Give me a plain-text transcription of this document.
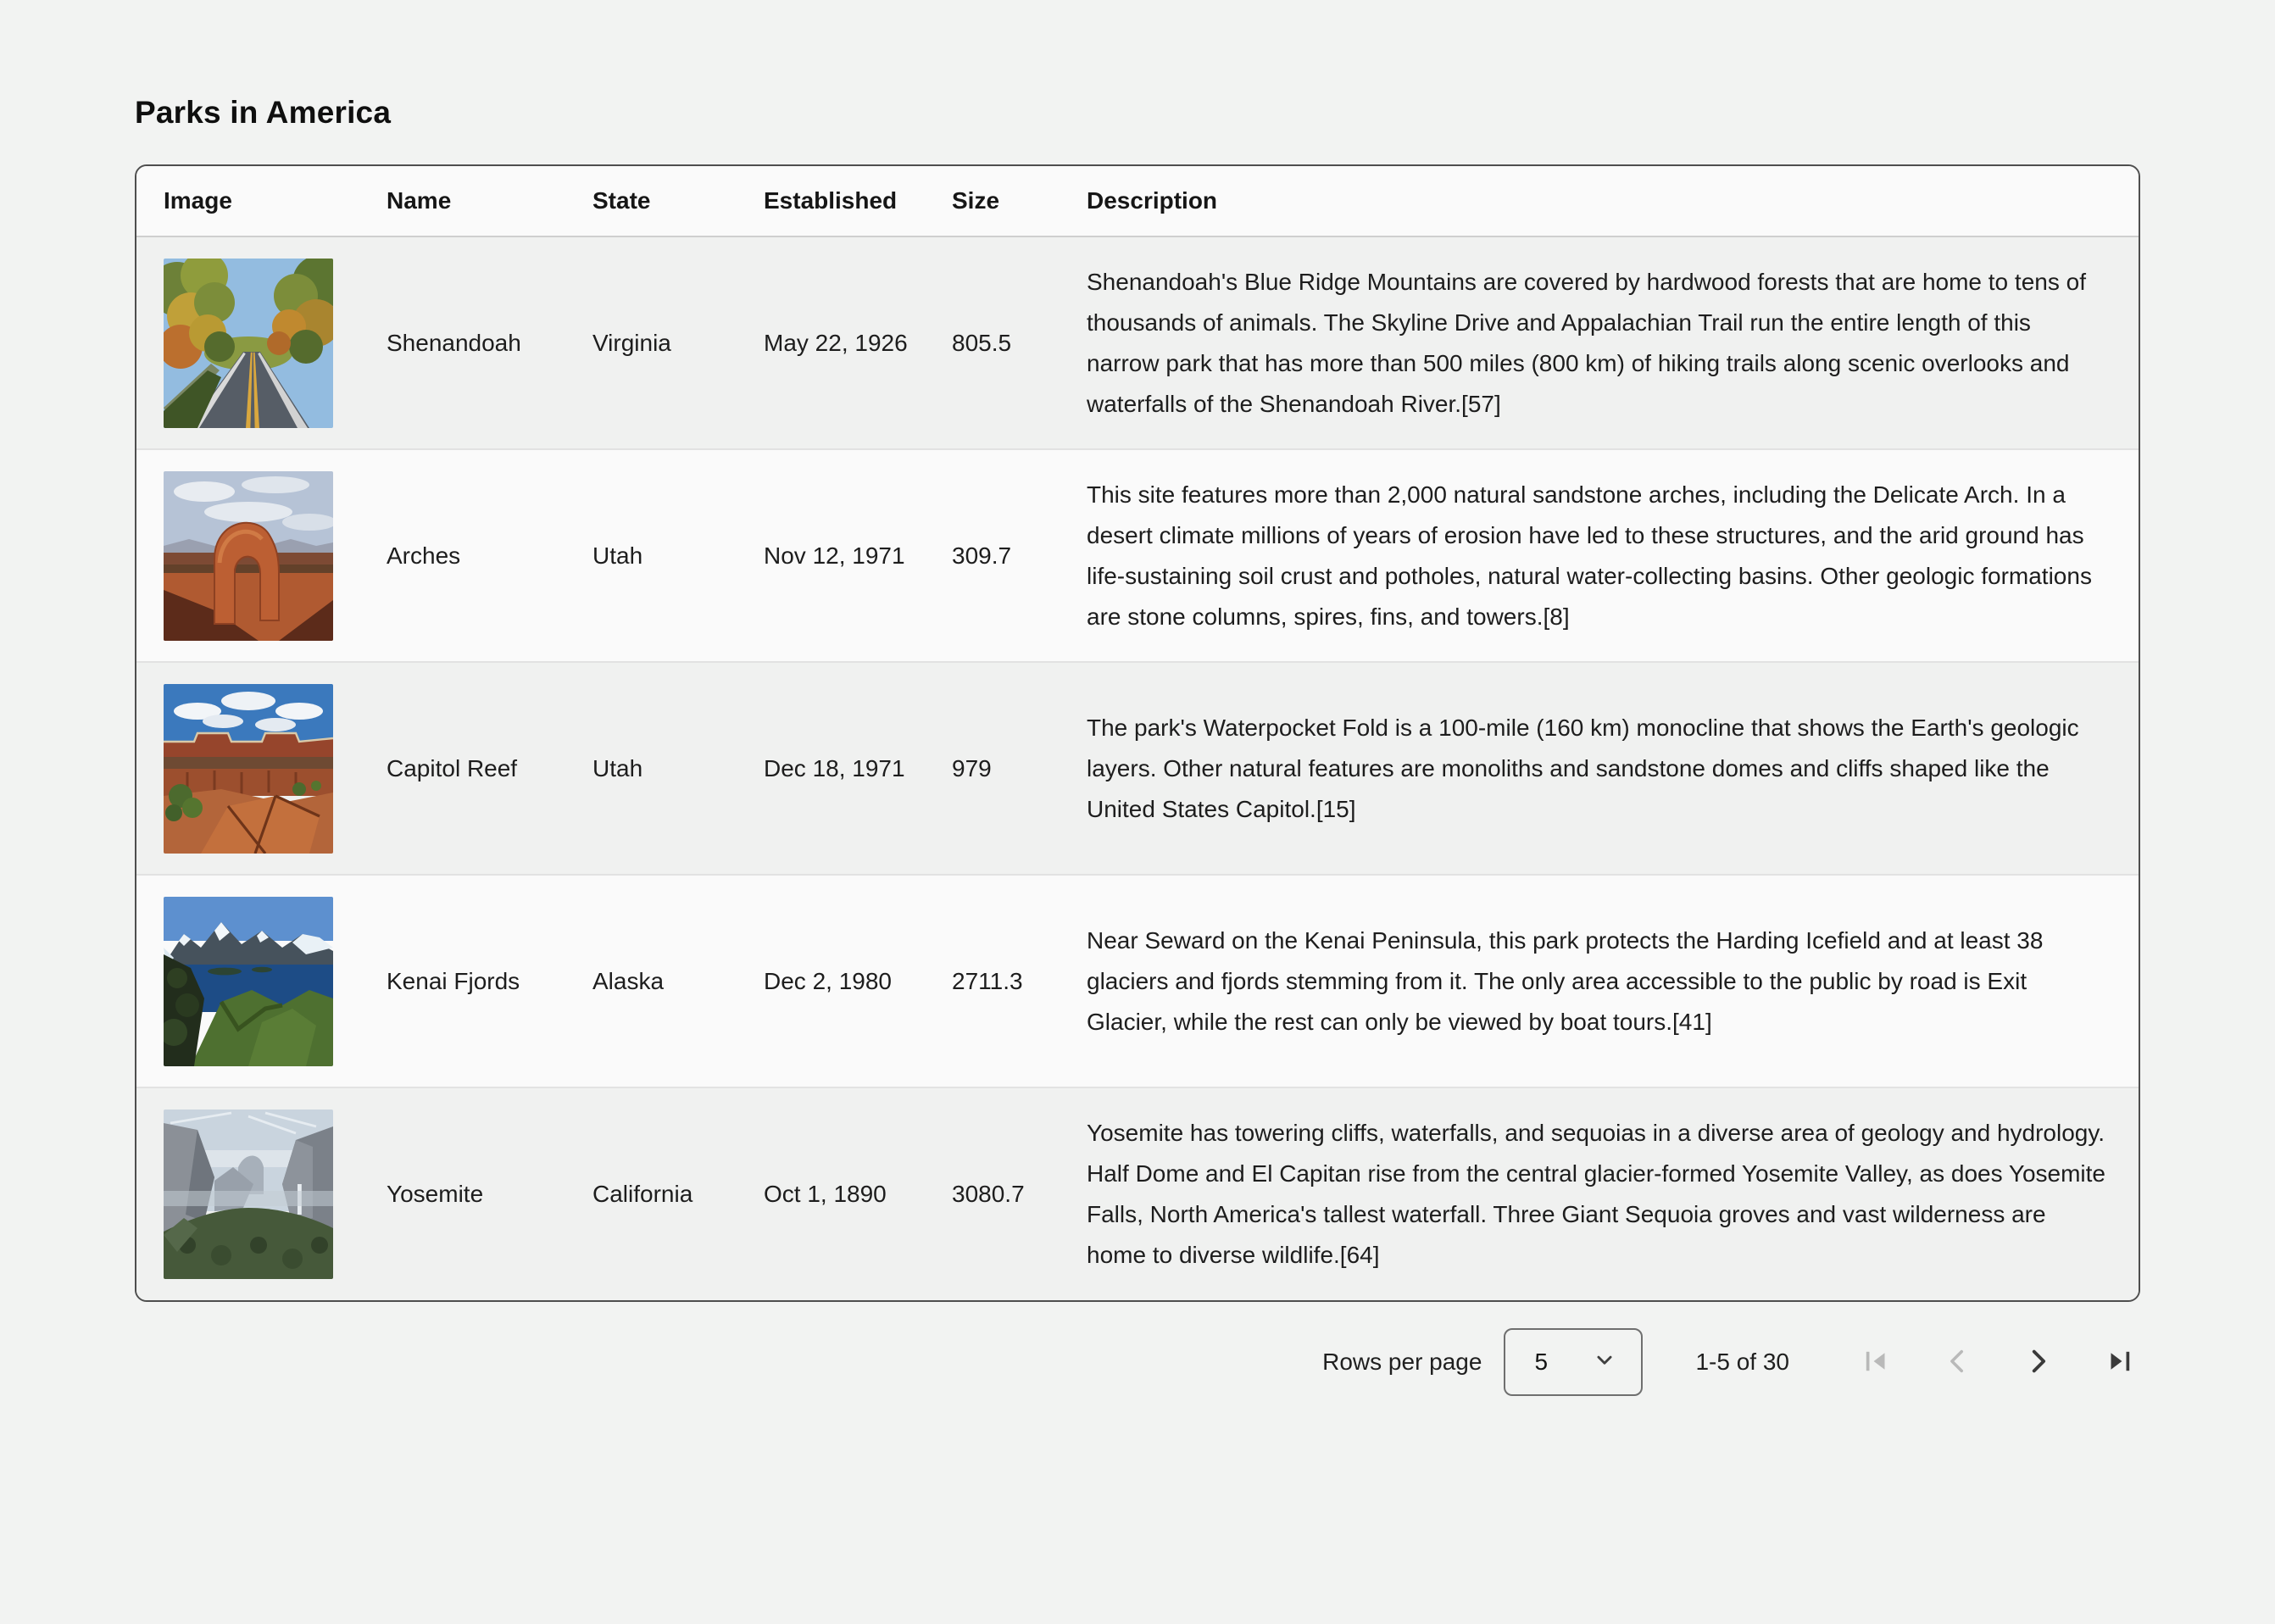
Parks in America
Image	Name	State	Established	Size	Description

	Shenandoah	Virginia	May 22, 1926	805.5	Shenandoah's Blue Ridge Mountains are covered by hardwood forests that are home to tens of thousands of animals. The Skyline Drive and Appalachian Trail run the entire length of this narrow park that has more than 500 miles (800 km) of hiking trails along scenic overlooks and waterfalls of the Shenandoah River.[57]

	Arches	Utah	Nov 12, 1971	309.7	This site features more than 2,000 natural sandstone arches, including the Delicate Arch. In a desert climate millions of years of erosion have led to these structures, and the arid ground has life-sustaining soil crust and potholes, natural water-collecting basins. Other geologic formations are stone columns, spires, fins, and towers.[8]

	Capitol Reef	Utah	Dec 18, 1971	979	The park's Waterpocket Fold is a 100-mile (160 km) monocline that shows the Earth's geologic layers. Other natural features are monoliths and sandstone domes and cliffs shaped like the United States Capitol.[15]

	Kenai Fjords	Alaska	Dec 2, 1980	2711.3	Near Seward on the Kenai Peninsula, this park protects the Harding Icefield and at least 38 glaciers and fjords stemming from it. The only area accessible to the public by road is Exit Glacier, while the rest can only be viewed by boat tours.[41]

	Yosemite	California	Oct 1, 1890	3080.7	Yosemite has towering cliffs, waterfalls, and sequoias in a diverse area of geology and hydrology. Half Dome and El Capitan rise from the central glacier-formed Yosemite Valley, as does Yosemite Falls, North America's tallest waterfall. Three Giant Sequoia groves and vast wilderness are home to diverse wildlife.[64]
Rows per page 5	1-5 of 30
